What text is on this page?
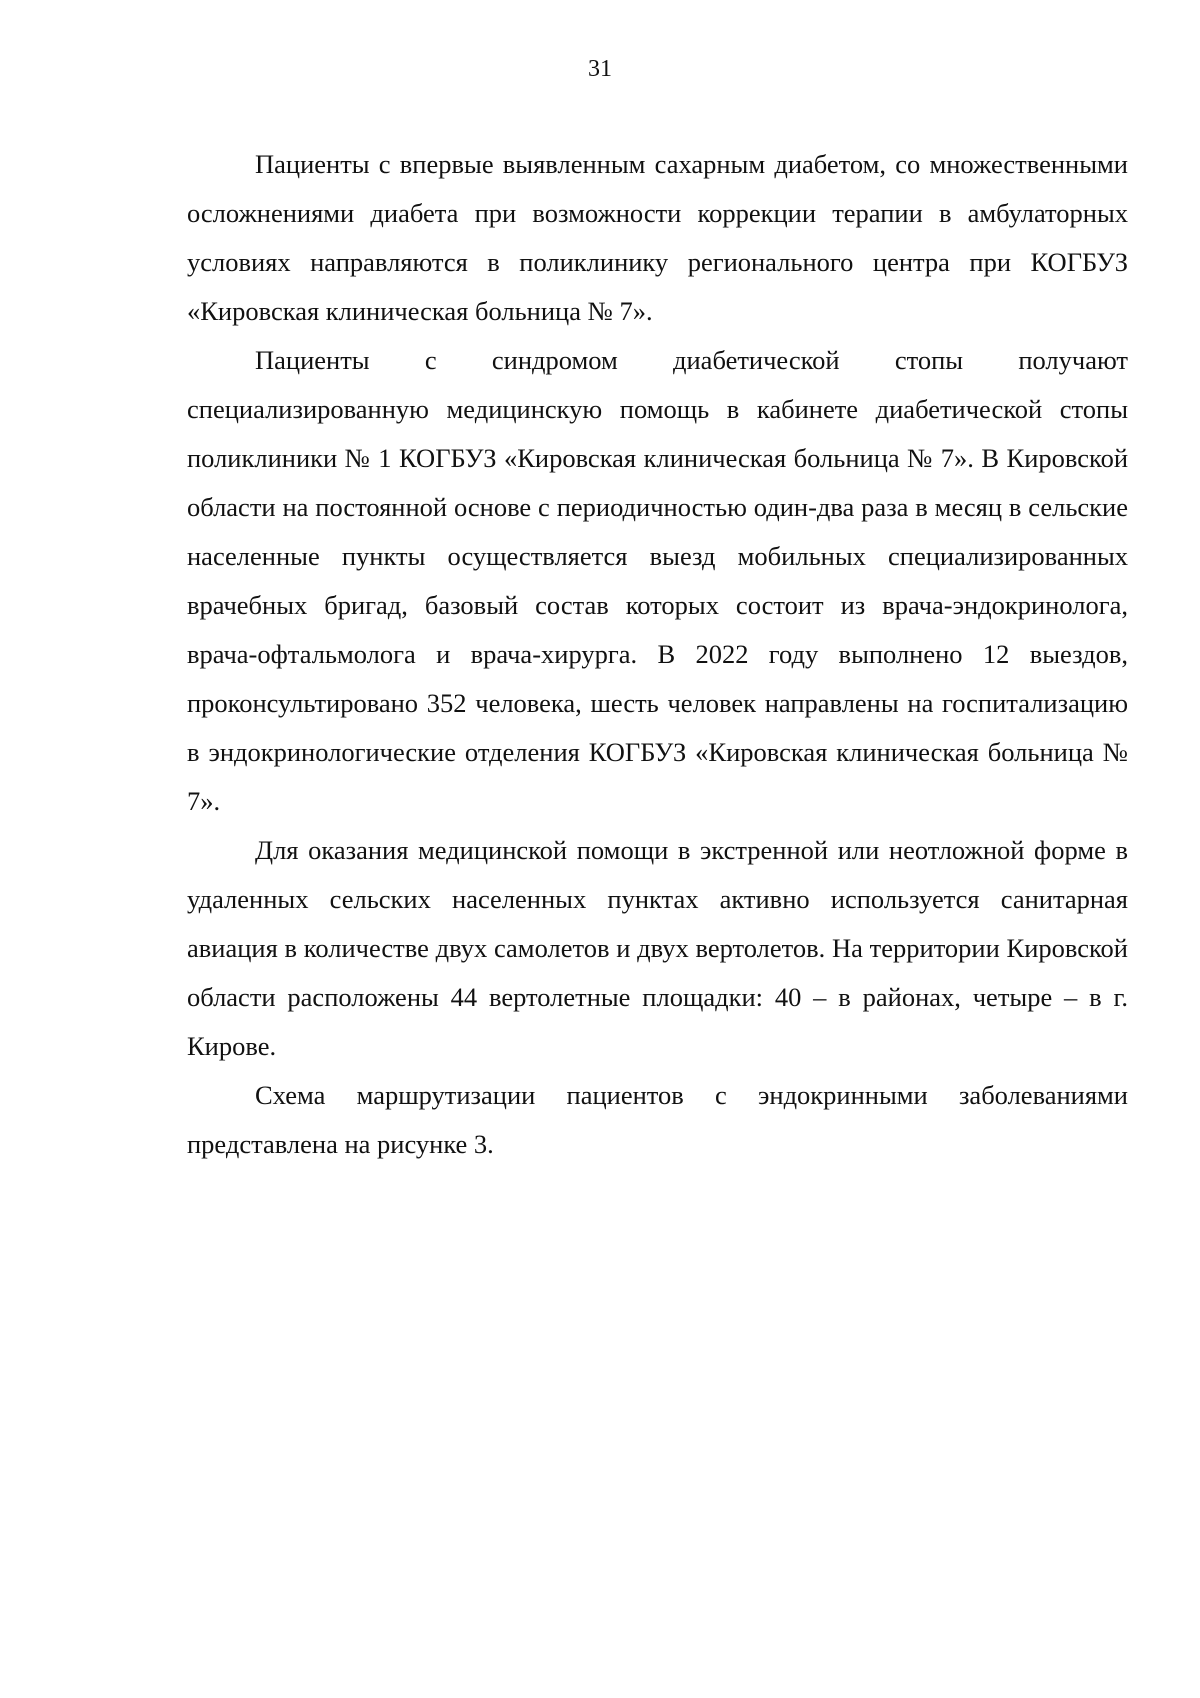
31

Пациенты с впервые выявленным сахарным диабетом, со множественными осложнениями диабета при возможности коррекции терапии в амбулаторных условиях направляются в поликлинику регионального центра при КОГБУЗ «Кировская клиническая больница № 7».

Пациенты с синдромом диабетической стопы получают специализированную медицинскую помощь в кабинете диабетической стопы поликлиники № 1 КОГБУЗ «Кировская клиническая больница № 7». В Кировской области на постоянной основе с периодичностью один-два раза в месяц в сельские населенные пункты осуществляется выезд мобильных специализированных врачебных бригад, базовый состав которых состоит из врача-эндокринолога, врача-офтальмолога и врача-хирурга. В 2022 году выполнено 12 выездов, проконсультировано 352 человека, шесть человек направлены на госпитализацию в эндокринологические отделения КОГБУЗ «Кировская клиническая больница № 7».

Для оказания медицинской помощи в экстренной или неотложной форме в удаленных сельских населенных пунктах активно используется санитарная авиация в количестве двух самолетов и двух вертолетов. На территории Кировской области расположены 44 вертолетные площадки: 40 – в районах, четыре – в г. Кирове.

Схема маршрутизации пациентов с эндокринными заболеваниями представлена на рисунке 3.
